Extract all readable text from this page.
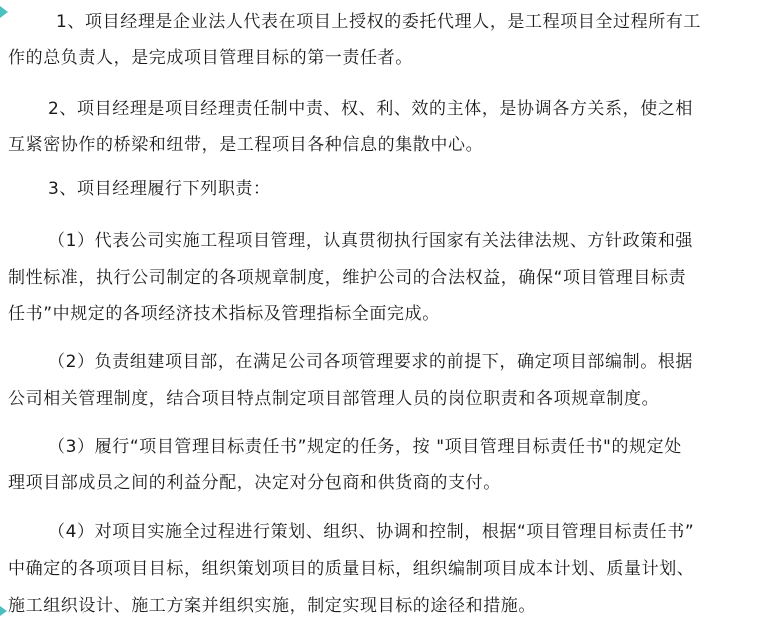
1、项目经理是企业法人代表在项目上授权的委托代理人，是工程项目全过程所有工
作的总负责人，是完成项目管理目标的第一责任者。
2、项目经理是项目经理责任制中责、权、利、效的主体，是协调各方关系，使之相
互紧密协作的桥梁和纽带，是工程项目各种信息的集散中心。
3、项目经理履行下列职责：
（1）代表公司实施工程项目管理，认真贯彻执行国家有关法律法规、方针政策和强
制性标准，执行公司制定的各项规章制度，维护公司的合法权益，确保“项目管理目标责
任书”中规定的各项经济技术指标及管理指标全面完成。
（2）负责组建项目部，在满足公司各项管理要求的前提下，确定项目部编制。根据
公司相关管理制度，结合项目特点制定项目部管理人员的岗位职责和各项规章制度。
（3）履行“项目管理目标责任书”规定的任务，按 "项目管理目标责任书"的规定处
理项目部成员之间的利益分配，决定对分包商和供货商的支付。
（4）对项目实施全过程进行策划、组织、协调和控制，根据“项目管理目标责任书”
中确定的各项项目目标，组织策划项目的质量目标，组织编制项目成本计划、质量计划、
施工组织设计、施工方案并组织实施，制定实现目标的途径和措施。
